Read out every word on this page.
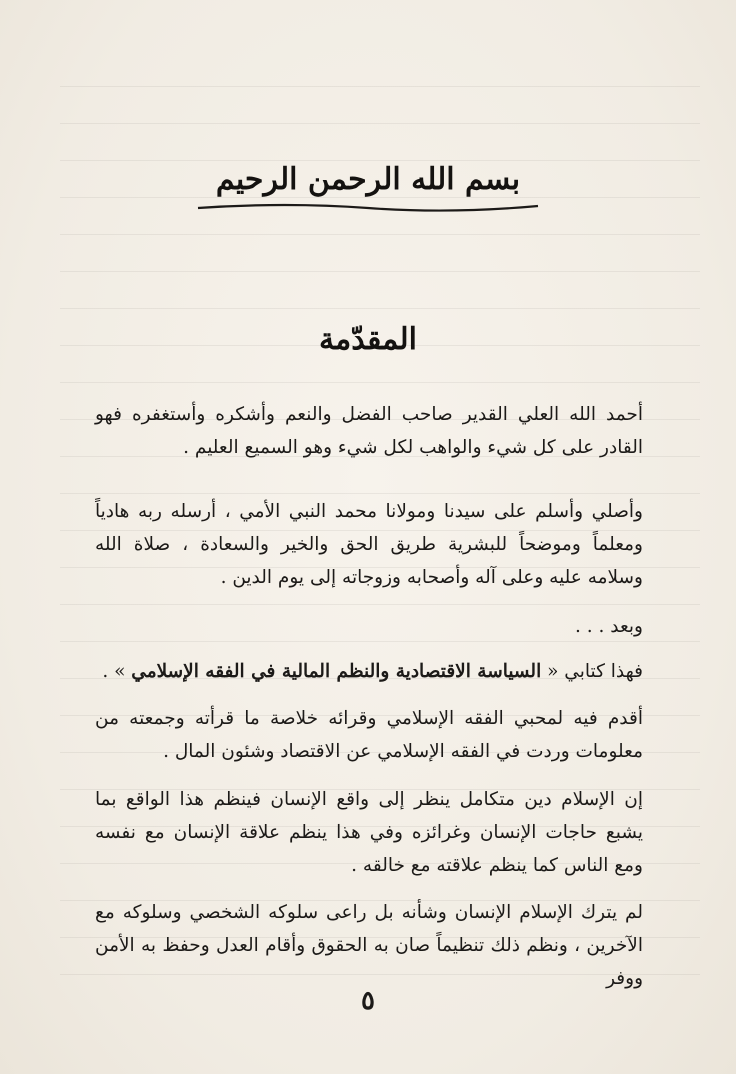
بسم الله الرحمن الرحيم
المقدّمة

أحمد الله العلي القدير صاحب الفضل والنعم وأشكره وأستغفره فهو القادر على كل شيء والواهب لكل شيء وهو السميع العليم .

وأصلي وأسلم على سيدنا ومولانا محمد النبي الأمي ، أرسله ربه هادياً ومعلماً وموضحاً للبشرية طريق الحق والخير والسعادة ، صلاة الله وسلامه عليه وعلى آله وأصحابه وزوجاته إلى يوم الدين .

وبعد . . .

فهذا كتابي « السياسة الاقتصادية والنظم المالية في الفقه الإسلامي » .

أقدم فيه لمحبي الفقه الإسلامي وقرائه خلاصة ما قرأته وجمعته من معلومات وردت في الفقه الإسلامي عن الاقتصاد وشئون المال .

إن الإسلام دين متكامل ينظر إلى واقع الإنسان فينظم هذا الواقع بما يشبع حاجات الإنسان وغرائزه وفي هذا ينظم علاقة الإنسان مع نفسه ومع الناس كما ينظم علاقته مع خالقه .

لم يترك الإسلام الإنسان وشأنه بل راعى سلوكه الشخصي وسلوكه مع الآخرين ، ونظم ذلك تنظيماً صان به الحقوق وأقام العدل وحفظ به الأمن ووفر

٥
